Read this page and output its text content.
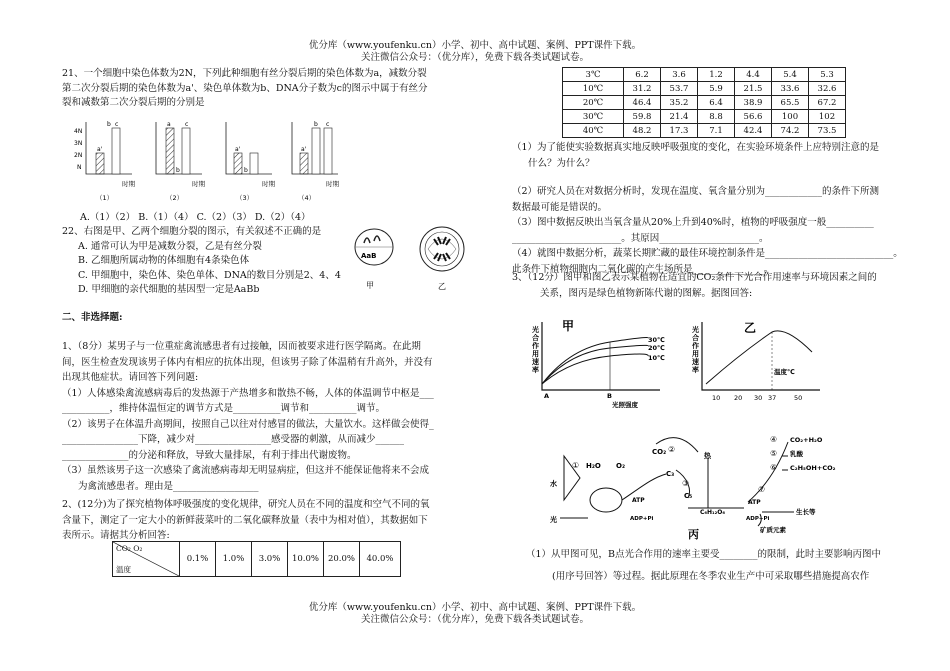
优分库（www.youfenku.cn）小学、初中、高中试题、案例、PPT课件下载。
关注微信公众号：（优分库），免费下载各类试题试卷。

21、一个细胞中染色体数为2N，下列此种细胞有丝分裂后期的染色体数为a，减数分裂

第二次分裂后期的染色体数为a'、染色单体数为b、DNA分子数为c的图示中属于有丝分

裂和减数第二次分裂后期的分别是

4N
3N
2N
N
a'
b c	a
b
c
a'
b
a'
b c
时期	时期	时期	时期
（1）	（2）	（3）	（4）

A.（1）（2） B.（1）（4） C.（2）（3） D.（2）（4）

22、右图是甲、乙两个细胞分裂的图示，有关叙述不正确的是

A. 通常可认为甲是减数分裂，乙是有丝分裂

B. 乙细胞所属动物的体细胞有4条染色体

C. 甲细胞中，染色体、染色单体、DNA的数目分别是2、4、4

D. 甲细胞的亲代细胞的基因型一定是AaBb

AaB
甲	乙

二、非选择题:

1、（8分）某男子与一位重症禽流感患者有过接触，因而被要求进行医学隔离。在此期

间，医生检查发现该男子体内有相应的抗体出现，但该男子除了体温稍有升高外，并没有

出现其他症状。请回答下列问题:

（1）人体感染禽流感病毒后的发热源于产热增多和散热不畅，人体的体温调节中枢是___

__________，维持体温恒定的调节方式是__________调节和__________调节。

（2）该男子在体温升高期间，按照自己以往对付感冒的做法，大量饮水。这样做会使得_

________________下降，减少对________________感受器的刺激，从而减少______

______________的分泌和释放，导致大量排尿，有利于排出代谢废物。

（3）虽然该男子这一次感染了禽流感病毒却无明显病症，但这并不能保证他将来不会成

为禽流感患者。理由是__________________

2、(12分)为了探究植物体呼吸强度的变化规律，研究人员在不同的温度和空气不同的氧

含量下，测定了一定大小的新鲜菠菜叶的二氧化碳释放量（表中为相对值），其数据如下

表所示。请据其分析回答:

CO₂ O₂
温度
	0.1%	1.0%	3.0%	10.0%	20.0%	40.0%
3℃	6.2	3.6	1.2	4.4	5.4	5.3
10℃	31.2	53.7	5.9	21.5	33.6	32.6
20℃	46.4	35.2	6.4	38.9	65.5	67.2
30℃	59.8	21.4	8.8	56.6	100	102
40℃	48.2	17.3	7.1	42.4	74.2	73.5

（1）为了能使实验数据真实地反映呼吸强度的变化，在实验环境条件上应特别注意的是

什么？为什么？

（2）研究人员在对数据分析时，发现在温度、氧含量分别为____________的条件下所测

数据最可能是错误的。

（3）图中数据反映出当氧含量从20%上升到40%时，植物的呼吸强度一般__________

_______________________。其原因_____________________。

（4）就图中数据分析，蔬菜长期贮藏的最佳环境控制条件是___________________________。

此条件下植物细胞内二氧化碳的产生场所是_______________。

3、（12分）图甲和图乙表示某植物在适宜的CO₂条件下光合作用速率与环境因素之间的

关系，图丙是绿色植物新陈代谢的图解。据图回答:

甲
光
合
作
用
速
率
30℃
20℃
10℃
A	B
光照强度
乙
光
合
作
用
速
率	温度℃
10 20 30 37	50
水
光
H₂O O₂
CO₂	热
C₃
C₅
ATP
ADP+Pi
C₆H₁₂O₆
ATP
ADP+Pi
CO₂+H₂O
乳酸
C₂H₅OH+CO₂
生长等
矿质元素
丙
①
②
③
④
⑤
⑥
⑦

（1）从甲图可见，B点光合作用的速率主要受________的限制，此时主要影响丙图中

(用序号回答）等过程。据此原理在冬季农业生产中可采取哪些措施提高农作

优分库（www.youfenku.cn）小学、初中、高中试题、案例、PPT课件下载。
关注微信公众号：（优分库），免费下载各类试题试卷。
